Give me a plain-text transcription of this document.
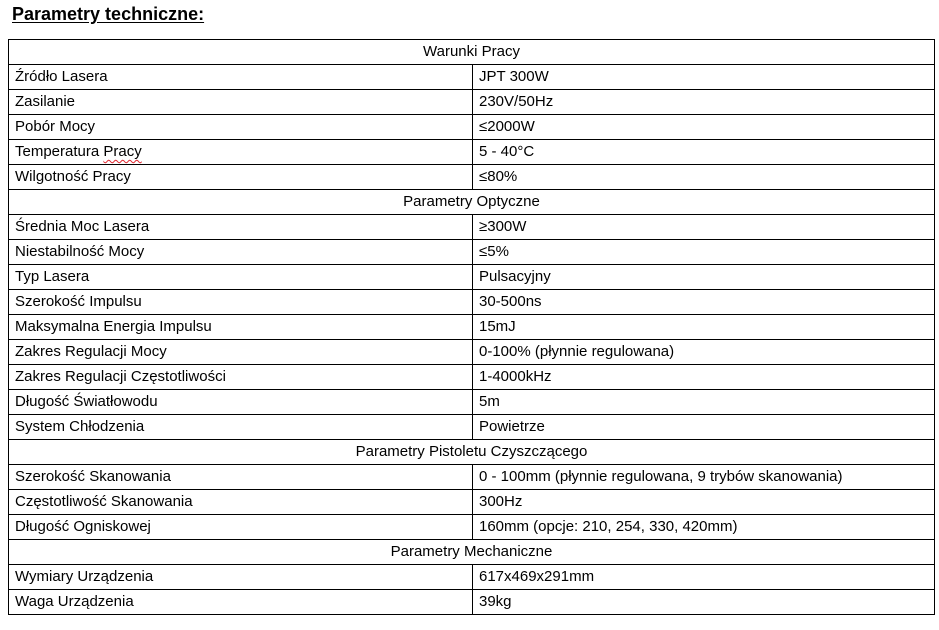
Parametry techniczne:
Warunki Pracy	
Źródło Lasera	JPT 300W
Zasilanie	230V/50Hz
Pobór Mocy	≤2000W
Temperatura Pracy	5 - 40°C
Wilgotność Pracy	≤80%
Parametry Optyczne	
Średnia Moc Lasera	≥300W
Niestabilność Mocy	≤5%
Typ Lasera	Pulsacyjny
Szerokość Impulsu	30-500ns
Maksymalna Energia Impulsu	15mJ
Zakres Regulacji Mocy	0-100% (płynnie regulowana)
Zakres Regulacji Częstotliwości	1-4000kHz
Długość Światłowodu	5m
System Chłodzenia	Powietrze
Parametry Pistoletu Czyszczącego	
Szerokość Skanowania	0 - 100mm (płynnie regulowana, 9 trybów skanowania)
Częstotliwość Skanowania	300Hz
Długość Ogniskowej	160mm (opcje: 210, 254, 330, 420mm)
Parametry Mechaniczne	
Wymiary Urządzenia	617x469x291mm
Waga Urządzenia	39kg
